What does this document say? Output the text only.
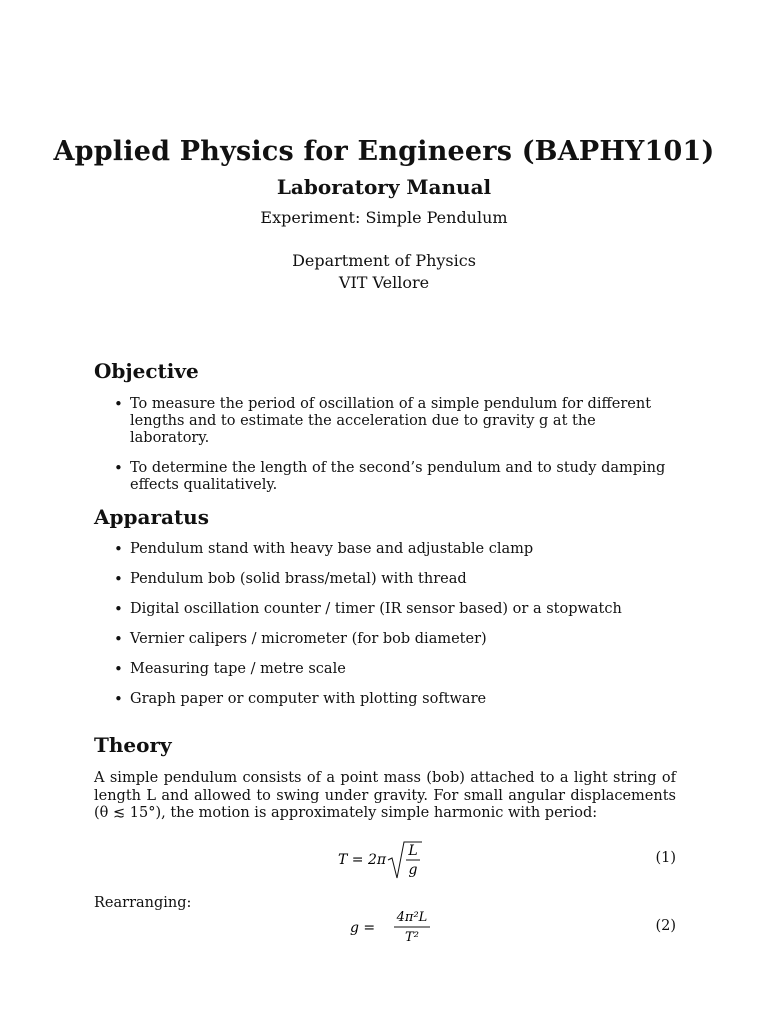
Applied Physics for Engineers (BAPHY101)
Laboratory Manual
Experiment: Simple Pendulum
Department of Physics
VIT Vellore
Objective
• To measure the period of oscillation of a simple pendulum for different lengths and to estimate the acceleration due to gravity g at the laboratory.
• To determine the length of the second’s pendulum and to study damping effects qualitatively.
Apparatus
• Pendulum stand with heavy base and adjustable clamp
• Pendulum bob (solid brass/metal) with thread
• Digital oscillation counter / timer (IR sensor based) or a stopwatch
• Vernier calipers / micrometer (for bob diameter)
• Measuring tape / metre scale
• Graph paper or computer with plotting software
Theory

A simple pendulum consists of a point mass (bob) attached to a light string of length L and allowed to swing under gravity. For small angular displacements (θ ≲ 15°), the motion is approximately simple harmonic with period:

T = 2π
L
g
(1)

Rearranging:

g =
4π²L
T²
(2)
